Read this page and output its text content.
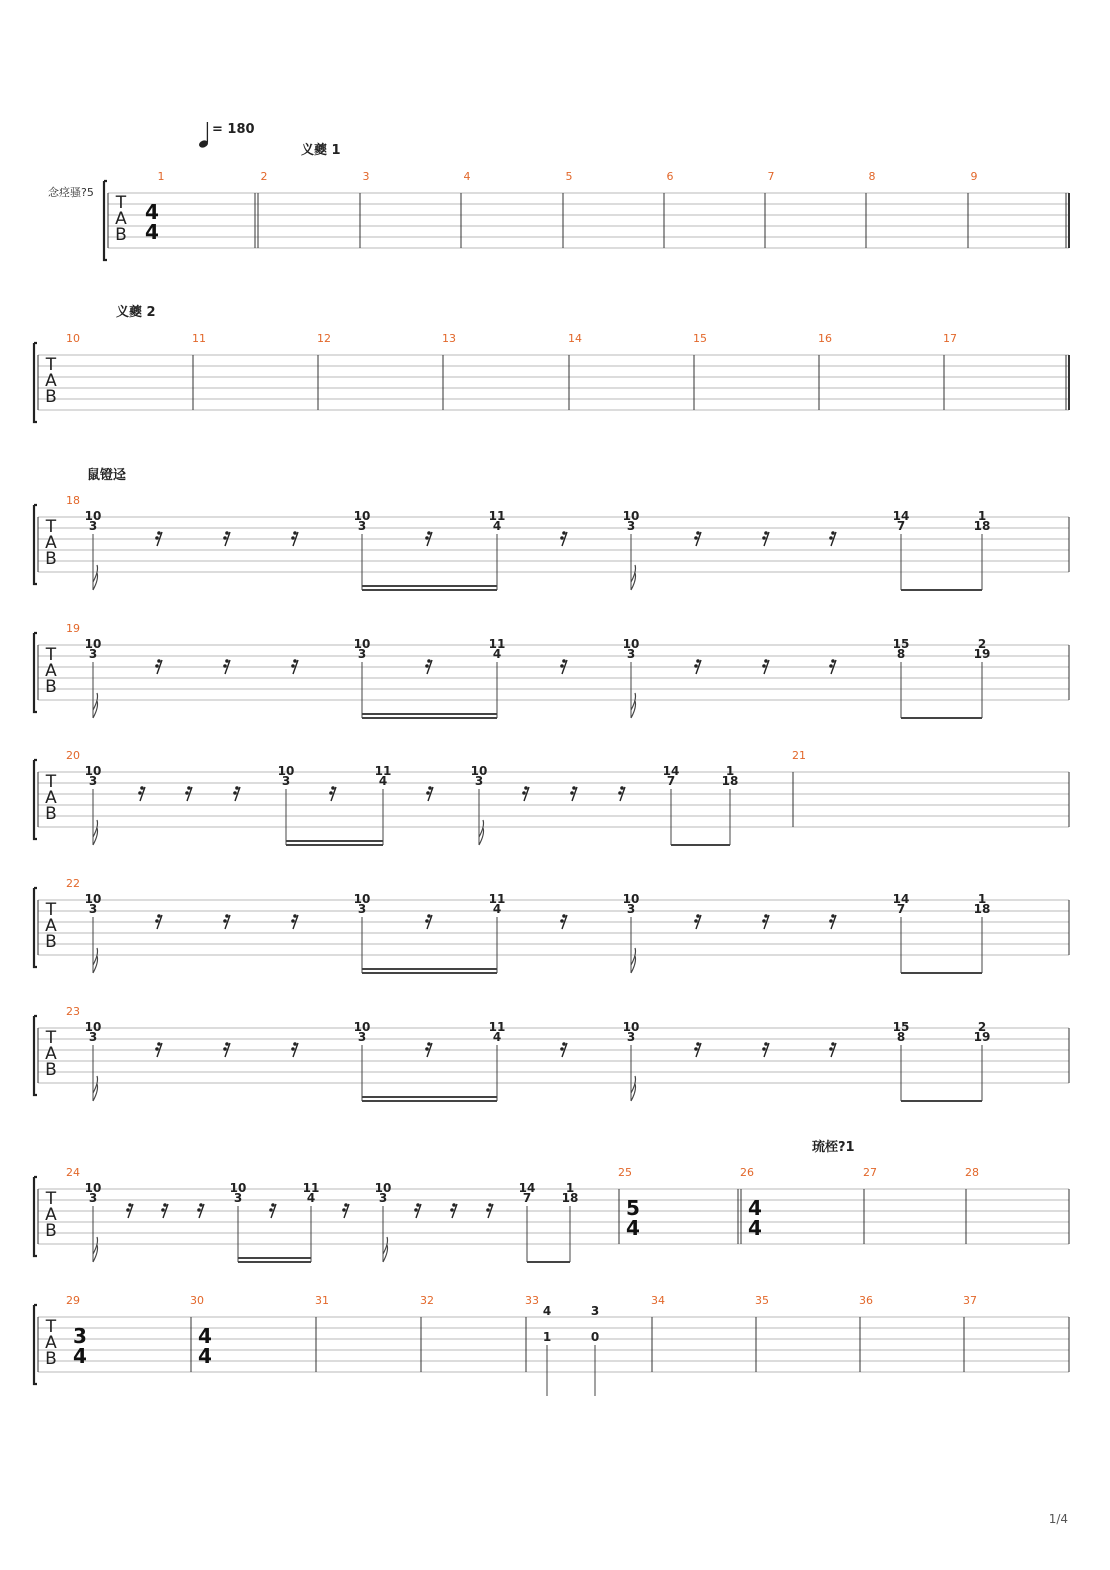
= 180
念痉骚?5
义夔 1
义夔 2
鼠镫迳
琉桎?1
T
A
B
1
4
4
2	3	4	5	6	7	8	9
T
A
B
10	11	12	13	14	15	16	17
T
A
B
18
10
3
10
3
11
4
10
3
14
7
1
18
T
A
B
19
10
3
10
3
11
4
10
3
15
8
2
19
T
A
B
20
10
3
10
3
11
4
10
3
14
7
1
18
21
T
A
B
22
10
3
10
3
11
4
10
3
14
7
1
18
T
A
B
23
10
3
10
3
11
4
10
3
15
8
2
19
T
A
B
24
10
3
10
3
11
4
10
3
14
7
1
18
25
5
4
26
4
4
27	28
T
A
B
29
3
4
30
4
4
31	32	33
4
1
3
0
34	35	36	37
1/4
